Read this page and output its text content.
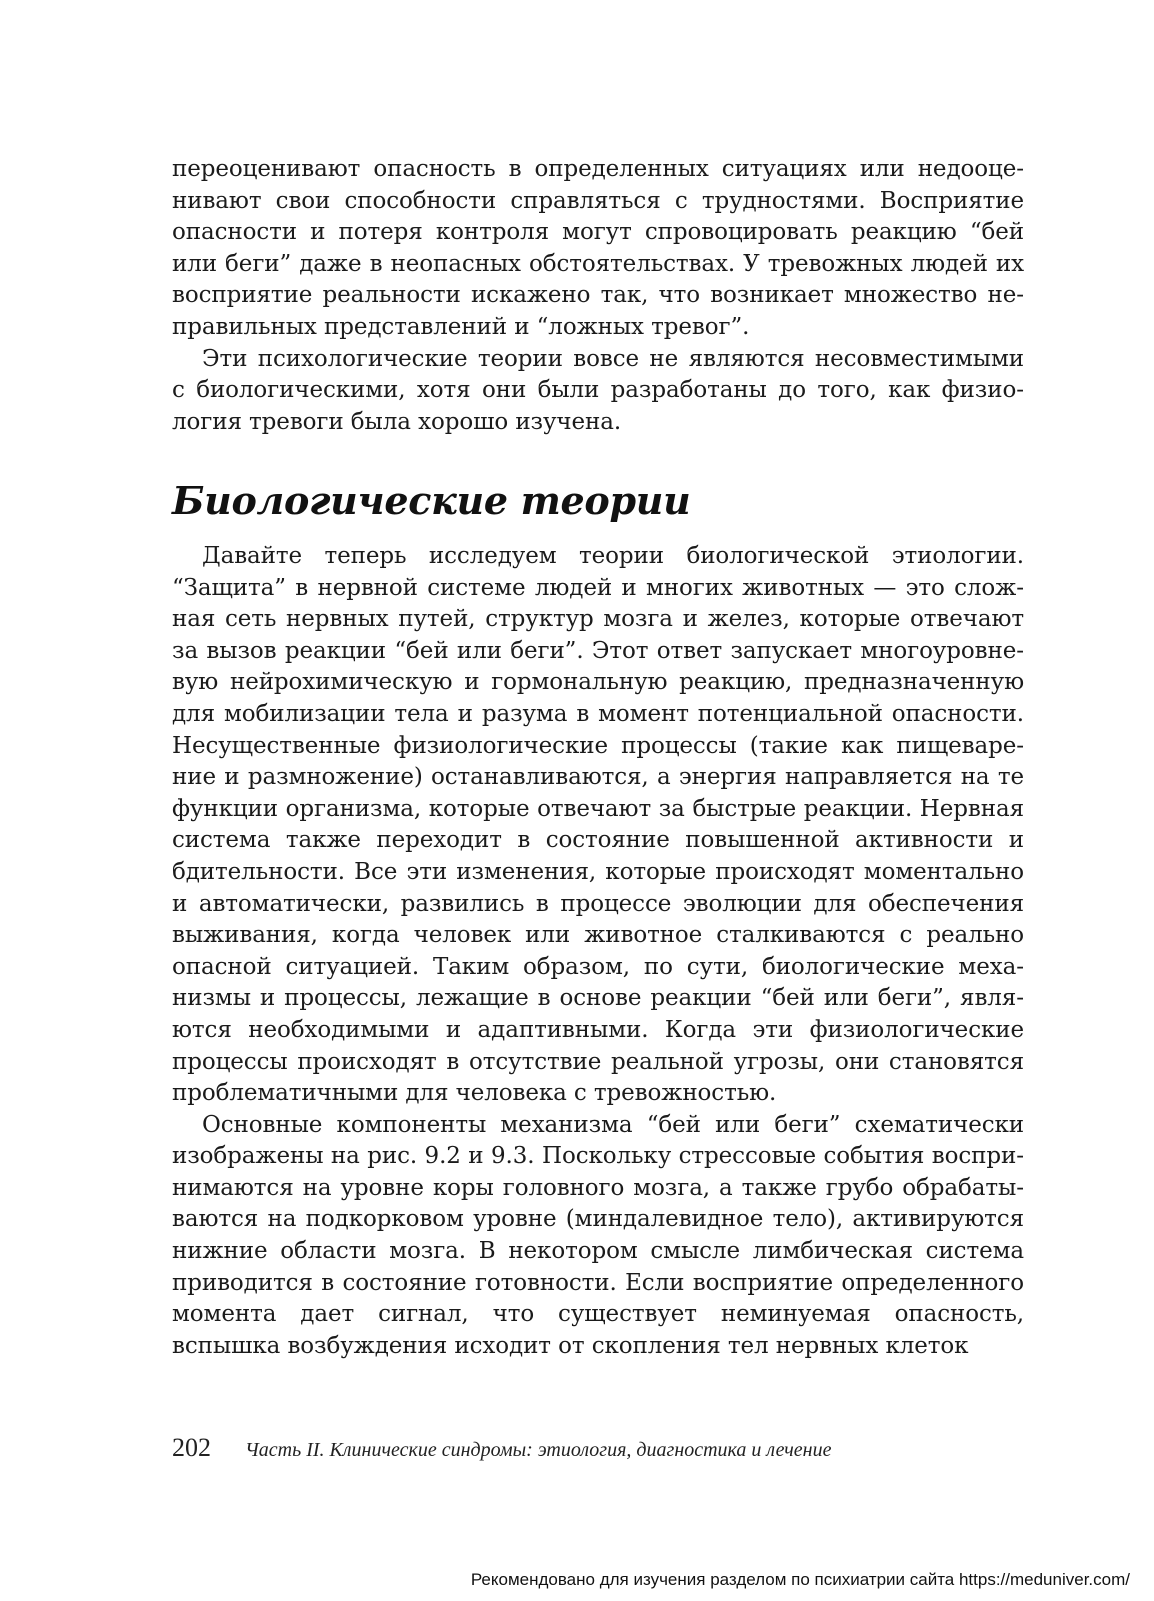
переоценивают опасность в определенных ситуациях или недооценивают свои способности справляться с трудностями. Восприятие опасности и потеря контроля могут спровоцировать реакцию “бей или беги” даже в неопасных обстоятельствах. У тревожных людей их восприятие реальности искажено так, что возникает множество неправильных представлений и “ложных тревог”.

Эти психологические теории вовсе не являются несовместимыми с биологическими, хотя они были разработаны до того, как физиология тревоги была хорошо изучена.

Биологические теории

Давайте теперь исследуем теории биологической этиологии. “Защита” в нервной системе людей и многих животных — это сложная сеть нервных путей, структур мозга и желез, которые отвечают за вызов реакции “бей или беги”. Этот ответ запускает многоуровневую нейрохимическую и гормональную реакцию, предназначенную для мобилизации тела и разума в момент потенциальной опасности. Несущественные физиологические процессы (такие как пищеварение и размножение) останавливаются, а энергия направляется на те функции организма, которые отвечают за быстрые реакции. Нервная система также переходит в состояние повышенной активности и бдительности. Все эти изменения, которые происходят моментально и автоматически, развились в процессе эволюции для обеспечения выживания, когда человек или животное сталкиваются с реально опасной ситуацией. Таким образом, по сути, биологические механизмы и процессы, лежащие в основе реакции “бей или беги”, являются необходимыми и адаптивными. Когда эти физиологические процессы происходят в отсутствие реальной угрозы, они становятся проблематичными для человека с тревожностью.

Основные компоненты механизма “бей или беги” схематически изображены на рис. 9.2 и 9.3. Поскольку стрессовые события воспринимаются на уровне коры головного мозга, а также грубо обрабатываются на подкорковом уровне (миндалевидное тело), активируются нижние области мозга. В некотором смысле лимбическая система приводится в состояние готовности. Если восприятие определенного момента дает сигнал, что существует неминуемая опасность, вспышка возбуждения исходит от скопления тел нервных клеток

202 Часть II. Клинические синдромы: этиология, диагностика и лечение
Рекомендовано для изучения разделом по психиатрии сайта https://meduniver.com/
